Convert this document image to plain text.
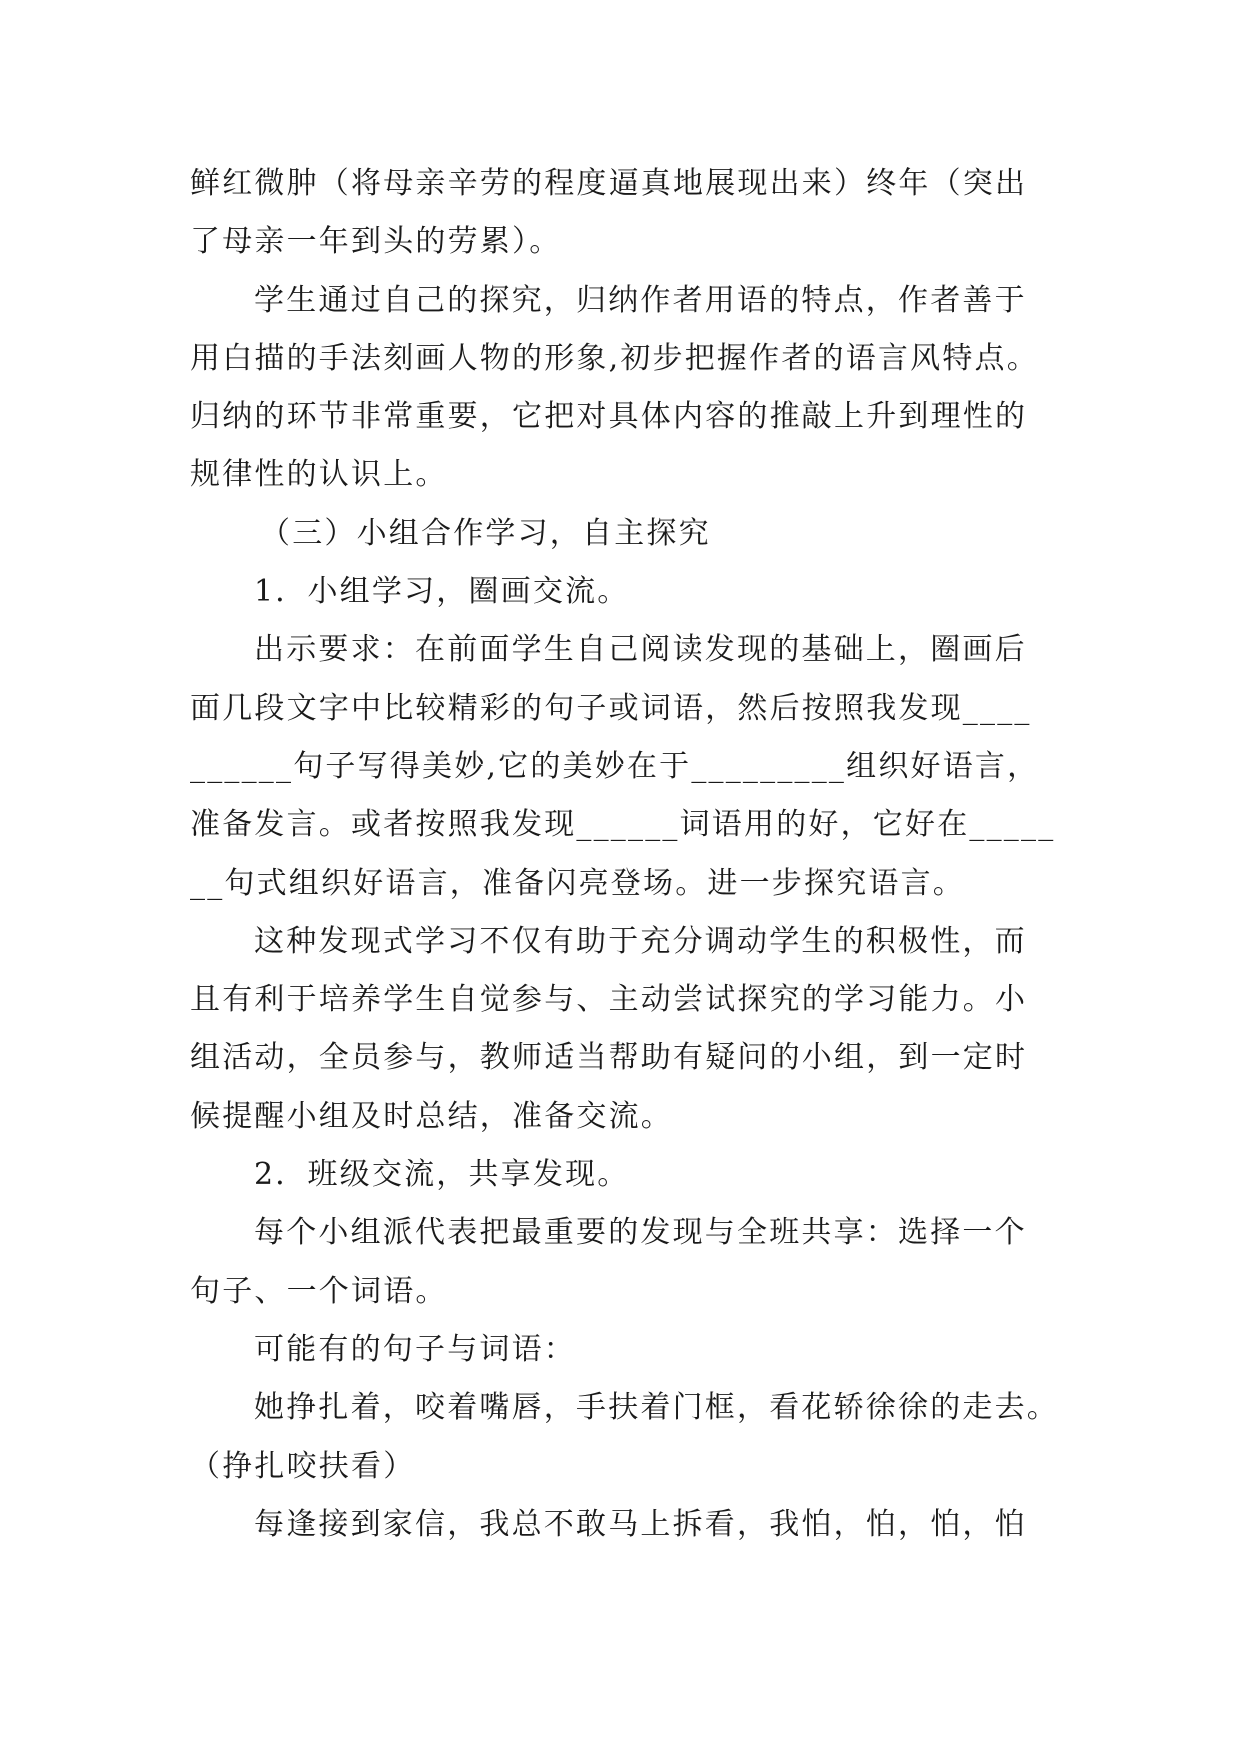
鲜红微肿（将母亲辛劳的程度逼真地展现出来）终年（突出
了母亲一年到头的劳累）。
学生通过自己的探究，归纳作者用语的特点，作者善于
用白描的手法刻画人物的形象,初步把握作者的语言风特点。
归纳的环节非常重要，它把对具体内容的推敲上升到理性的
规律性的认识上。
（三）小组合作学习，自主探究
1．小组学习，圈画交流。
出示要求：在前面学生自己阅读发现的基础上，圈画后
面几段文字中比较精彩的句子或词语，然后按照我发现____
______句子写得美妙,它的美妙在于_________组织好语言，
准备发言。或者按照我发现______词语用的好，它好在_____
__句式组织好语言，准备闪亮登场。进一步探究语言。
这种发现式学习不仅有助于充分调动学生的积极性，而
且有利于培养学生自觉参与、主动尝试探究的学习能力。小
组活动，全员参与，教师适当帮助有疑问的小组，到一定时
候提醒小组及时总结，准备交流。
2．班级交流，共享发现。
每个小组派代表把最重要的发现与全班共享：选择一个
句子、一个词语。
可能有的句子与词语：
她挣扎着，咬着嘴唇，手扶着门框，看花轿徐徐的走去。
（挣扎咬扶看）
每逢接到家信，我总不敢马上拆看，我怕，怕，怕，怕
